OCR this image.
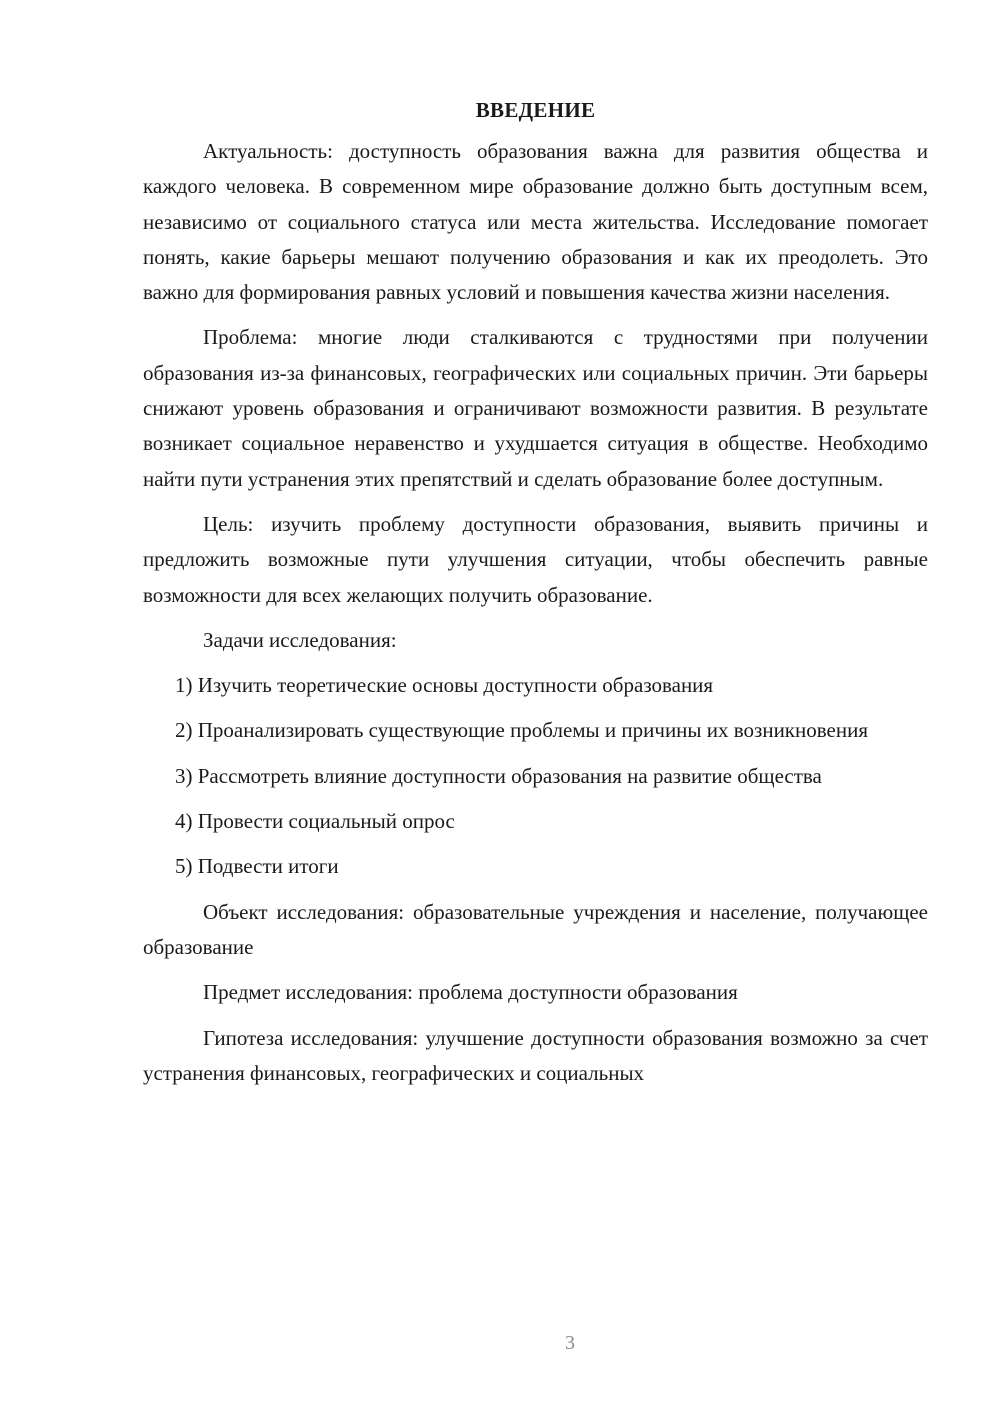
ВВЕДЕНИЕ

Актуальность: доступность образования важна для развития общества и каждого человека. В современном мире образование должно быть доступным всем, независимо от социального статуса или места жительства. Исследование помогает понять, какие барьеры мешают получению образования и как их преодолеть. Это важно для формирования равных условий и повышения качества жизни населения.

Проблема: многие люди сталкиваются с трудностями при получении образования из-за финансовых, географических или социальных причин. Эти барьеры снижают уровень образования и ограничивают возможности развития. В результате возникает социальное неравенство и ухудшается ситуация в обществе. Необходимо найти пути устранения этих препятствий и сделать образование более доступным.

Цель: изучить проблему доступности образования, выявить причины и предложить возможные пути улучшения ситуации, чтобы обеспечить равные возможности для всех желающих получить образование.

Задачи исследования:

1) Изучить теоретические основы доступности образования

2) Проанализировать существующие проблемы и причины их возникновения

3) Рассмотреть влияние доступности образования на развитие общества

4) Провести социальный опрос

5) Подвести итоги

Объект исследования: образовательные учреждения и население, получающее образование

Предмет исследования: проблема доступности образования

Гипотеза исследования: улучшение доступности образования возможно за счет устранения финансовых, географических и социальных

3
